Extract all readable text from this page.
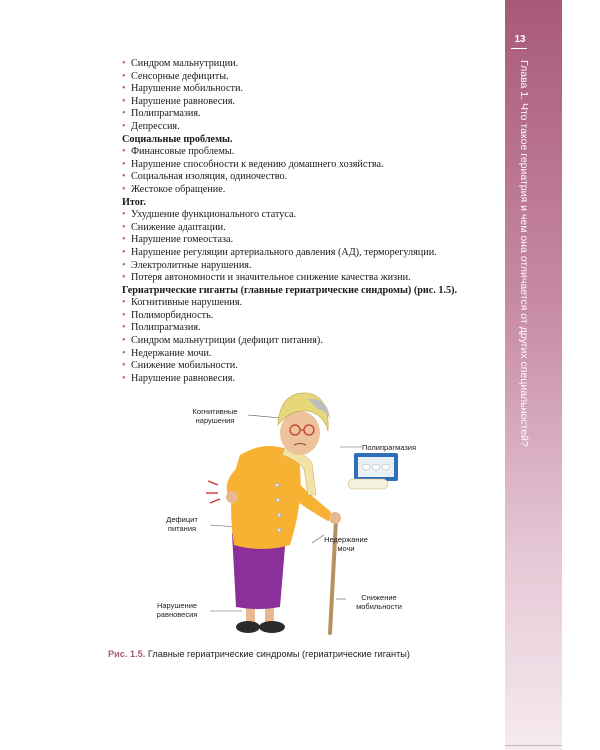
13
Глава 1. Что такое гериатрия и чем она отличается от других специальностей?
• Синдром мальнутриции.
• Сенсорные дефициты.
• Нарушение мобильности.
• Нарушение равновесия.
• Полипрагмазия.
• Депрессия.
Социальные проблемы.
• Финансовые проблемы.
• Нарушение способности к ведению домашнего хозяйства.
• Социальная изоляция, одиночество.
• Жестокое обращение.
Итог.
• Ухудшение функционального статуса.
• Снижение адаптации.
• Нарушение гомеостаза.
• Нарушение регуляции артериального давления (АД), терморегуляции.
• Электролитные нарушения.
• Потеря автономности и значительное снижение качества жизни.
Гериатрические гиганты (главные гериатрические синдромы) (рис. 1.5).
• Когнитивные нарушения.
• Полиморбидность.
• Полипрагмазия.
• Синдром мальнутриции (дефицит питания).
• Недержание мочи.
• Снижение мобильности.
• Нарушение равновесия.
Когнитивные нарушения
Полипрагмазия
Дефицит питания
Недержание мочи
Нарушение равновесия
Снижение мобильности
Рис. 1.5. Главные гериатрические синдромы (гериатрические гиганты)
